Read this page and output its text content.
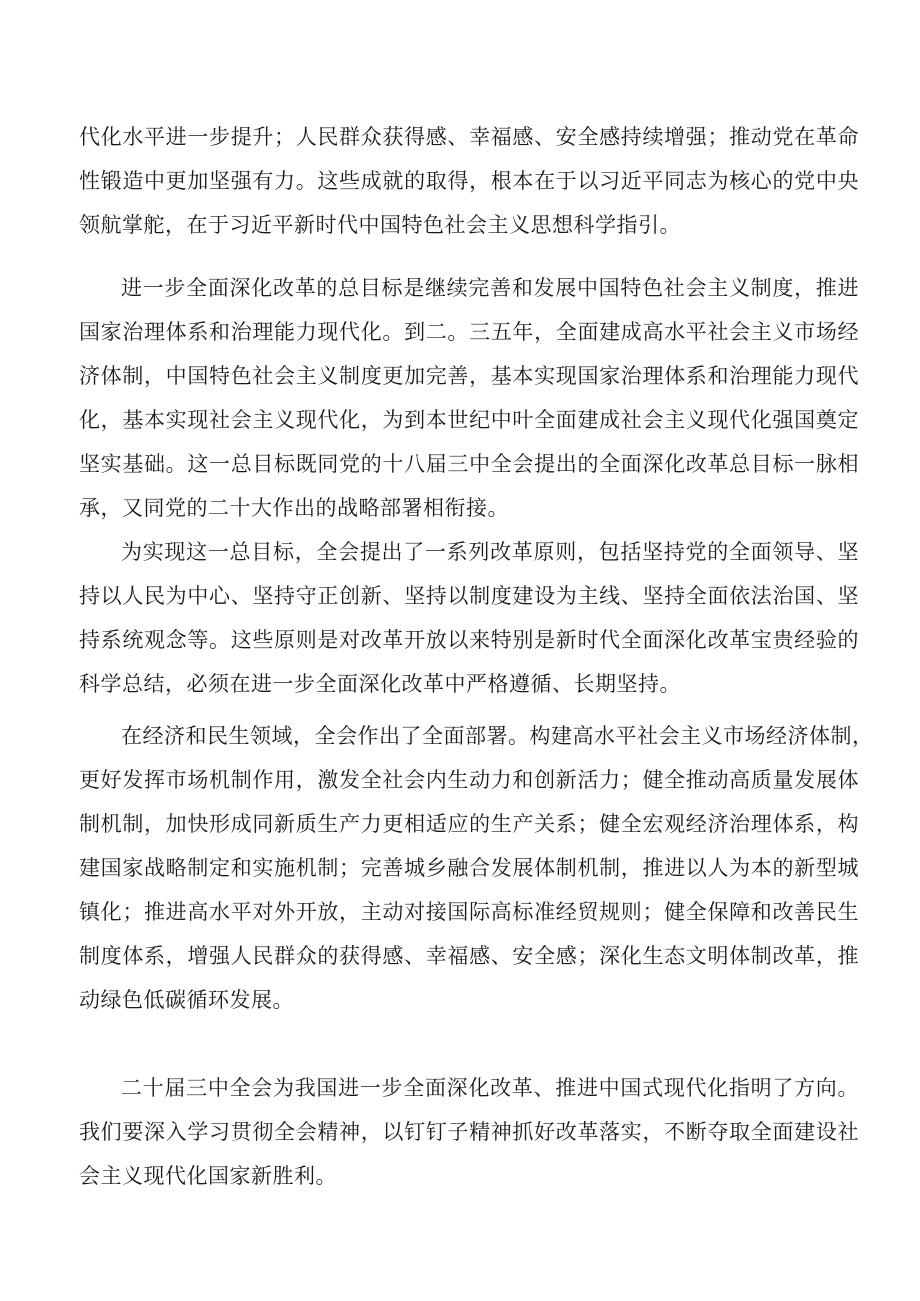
代化水平进一步提升；人民群众获得感、幸福感、安全感持续增强；推动党在革命
性锻造中更加坚强有力。这些成就的取得，根本在于以习近平同志为核心的党中央
领航掌舵，在于习近平新时代中国特色社会主义思想科学指引。

进一步全面深化改革的总目标是继续完善和发展中国特色社会主义制度，推进
国家治理体系和治理能力现代化。到二。三五年，全面建成高水平社会主义市场经
济体制，中国特色社会主义制度更加完善，基本实现国家治理体系和治理能力现代
化，基本实现社会主义现代化，为到本世纪中叶全面建成社会主义现代化强国奠定
坚实基础。这一总目标既同党的十八届三中全会提出的全面深化改革总目标一脉相
承，又同党的二十大作出的战略部署相衔接。

为实现这一总目标，全会提出了一系列改革原则，包括坚持党的全面领导、坚
持以人民为中心、坚持守正创新、坚持以制度建设为主线、坚持全面依法治国、坚
持系统观念等。这些原则是对改革开放以来特别是新时代全面深化改革宝贵经验的
科学总结，必须在进一步全面深化改革中严格遵循、长期坚持。

在经济和民生领域，全会作出了全面部署。构建高水平社会主义市场经济体制，
更好发挥市场机制作用，激发全社会内生动力和创新活力；健全推动高质量发展体
制机制，加快形成同新质生产力更相适应的生产关系；健全宏观经济治理体系，构
建国家战略制定和实施机制；完善城乡融合发展体制机制，推进以人为本的新型城
镇化；推进高水平对外开放，主动对接国际高标准经贸规则；健全保障和改善民生
制度体系，增强人民群众的获得感、幸福感、安全感；深化生态文明体制改革，推
动绿色低碳循环发展。

二十届三中全会为我国进一步全面深化改革、推进中国式现代化指明了方向。
我们要深入学习贯彻全会精神，以钉钉子精神抓好改革落实，不断夺取全面建设社
会主义现代化国家新胜利。
